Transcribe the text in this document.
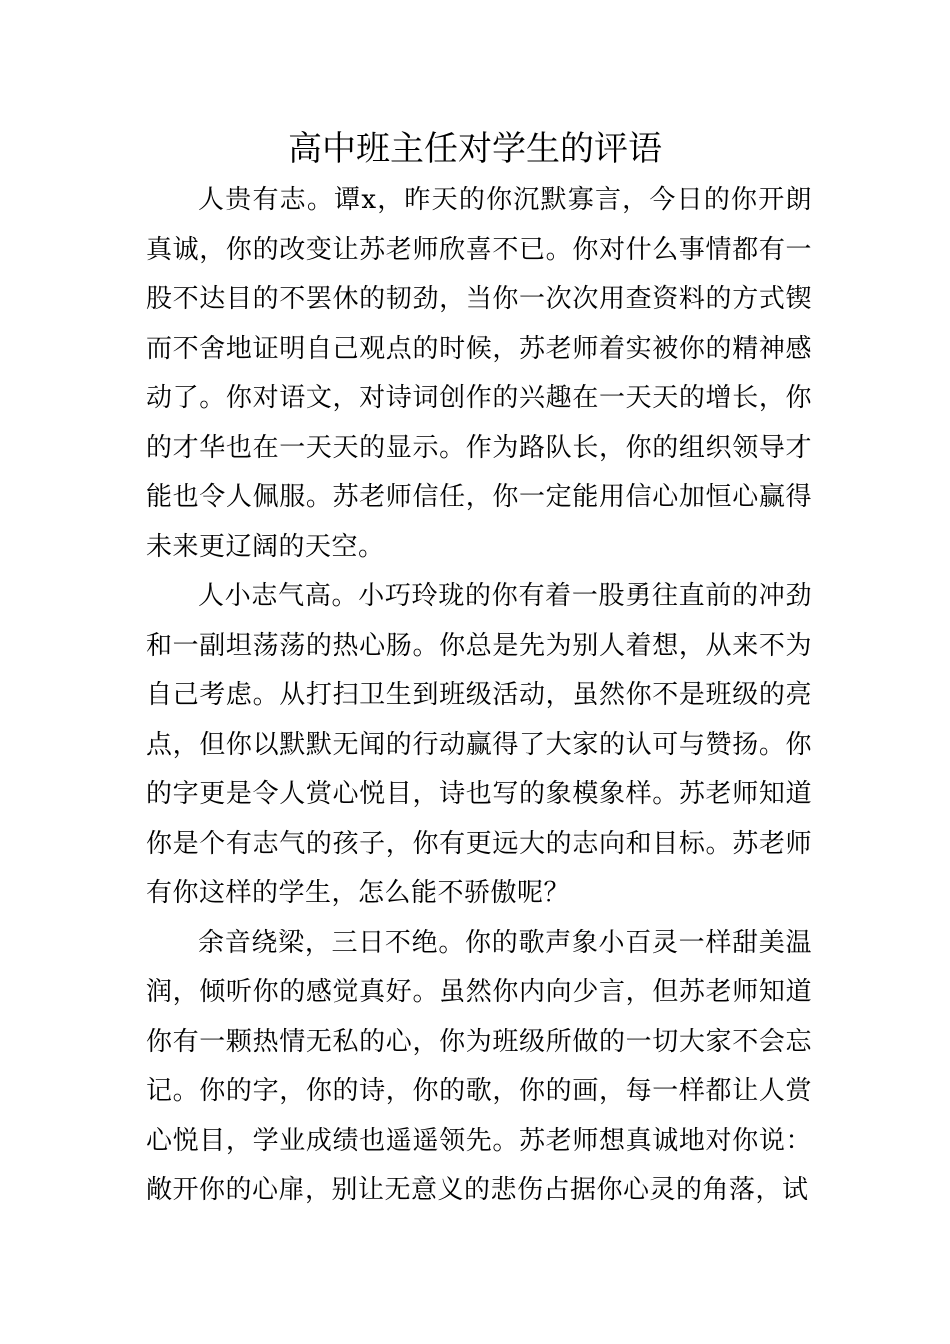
高中班主任对学生的评语

人贵有志。谭x，昨天的你沉默寡言，今日的你开朗真诚，你的改变让苏老师欣喜不已。你对什么事情都有一股不达目的不罢休的韧劲，当你一次次用查资料的方式锲而不舍地证明自己观点的时候，苏老师着实被你的精神感动了。你对语文，对诗词创作的兴趣在一天天的增长，你的才华也在一天天的显示。作为路队长，你的组织领导才能也令人佩服。苏老师信任，你一定能用信心加恒心赢得未来更辽阔的天空。

人小志气高。小巧玲珑的你有着一股勇往直前的冲劲和一副坦荡荡的热心肠。你总是先为别人着想，从来不为自己考虑。从打扫卫生到班级活动，虽然你不是班级的亮点，但你以默默无闻的行动赢得了大家的认可与赞扬。你的字更是令人赏心悦目，诗也写的象模象样。苏老师知道你是个有志气的孩子，你有更远大的志向和目标。苏老师有你这样的学生，怎么能不骄傲呢？

余音绕梁，三日不绝。你的歌声象小百灵一样甜美温润，倾听你的感觉真好。虽然你内向少言，但苏老师知道你有一颗热情无私的心，你为班级所做的一切大家不会忘记。你的字，你的诗，你的歌，你的画，每一样都让人赏心悦目，学业成绩也遥遥领先。苏老师想真诚地对你说：敞开你的心扉，别让无意义的悲伤占据你心灵的角落，试
